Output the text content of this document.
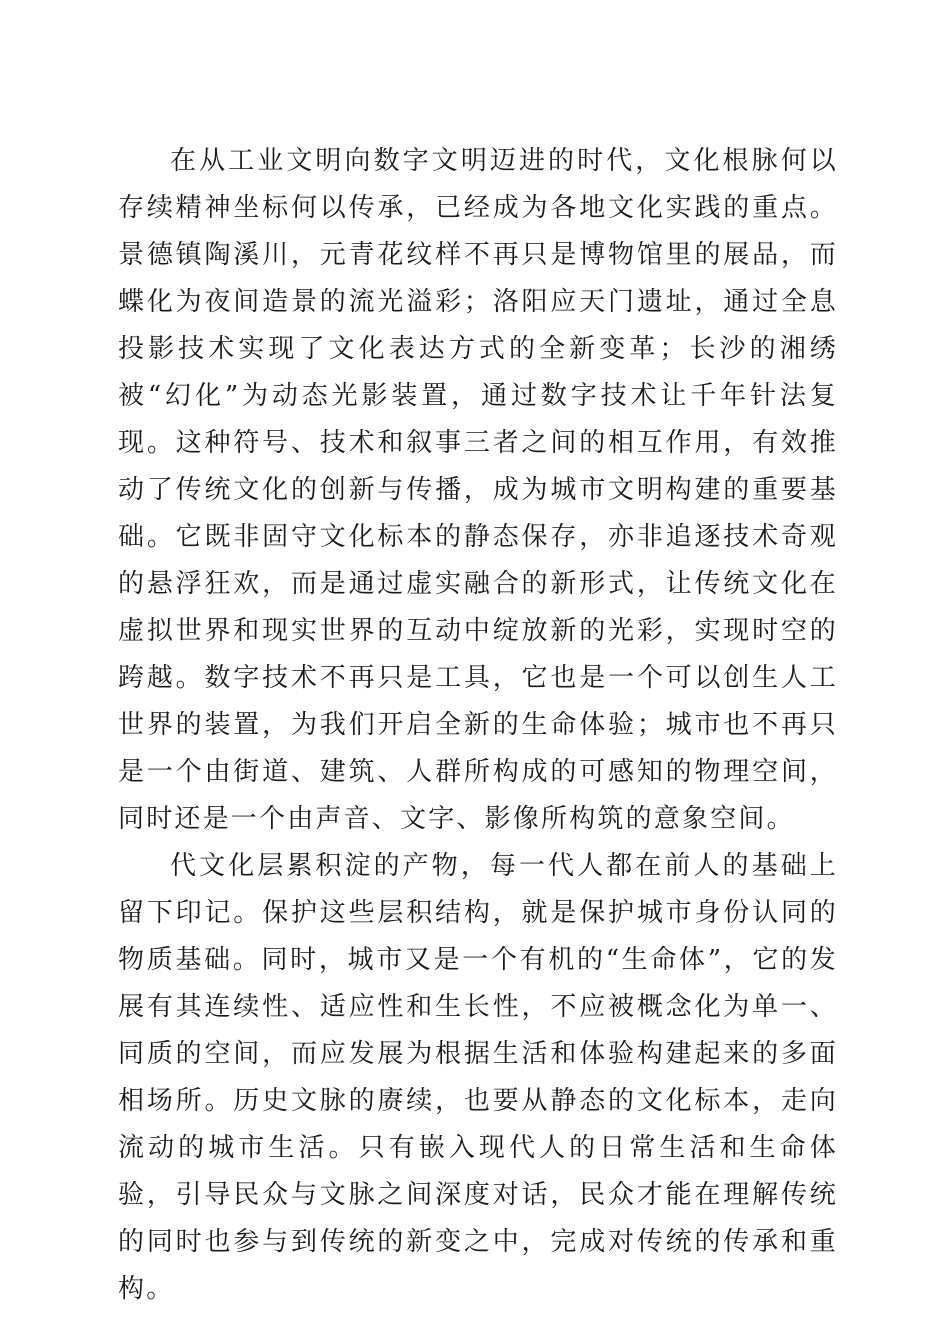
在从工业文明向数字文明迈进的时代，文化根脉何以存续精神坐标何以传承，已经成为各地文化实践的重点。景德镇陶溪川，元青花纹样不再只是博物馆里的展品，而蝶化为夜间造景的流光溢彩；洛阳应天门遗址，通过全息投影技术实现了文化表达方式的全新变革；长沙的湘绣被“幻化”为动态光影装置，通过数字技术让千年针法复现。这种符号、技术和叙事三者之间的相互作用，有效推动了传统文化的创新与传播，成为城市文明构建的重要基础。它既非固守文化标本的静态保存，亦非追逐技术奇观的悬浮狂欢，而是通过虚实融合的新形式，让传统文化在虚拟世界和现实世界的互动中绽放新的光彩，实现时空的跨越。数字技术不再只是工具，它也是一个可以创生人工世界的装置，为我们开启全新的生命体验；城市也不再只是一个由街道、建筑、人群所构成的可感知的物理空间，同时还是一个由声音、文字、影像所构筑的意象空间。

代文化层累积淀的产物，每一代人都在前人的基础上留下印记。保护这些层积结构，就是保护城市身份认同的物质基础。同时，城市又是一个有机的“生命体”，它的发展有其连续性、适应性和生长性，不应被概念化为单一、同质的空间，而应发展为根据生活和体验构建起来的多面相场所。历史文脉的赓续，也要从静态的文化标本，走向流动的城市生活。只有嵌入现代人的日常生活和生命体验，引导民众与文脉之间深度对话，民众才能在理解传统的同时也参与到传统的新变之中，完成对传统的传承和重构。
